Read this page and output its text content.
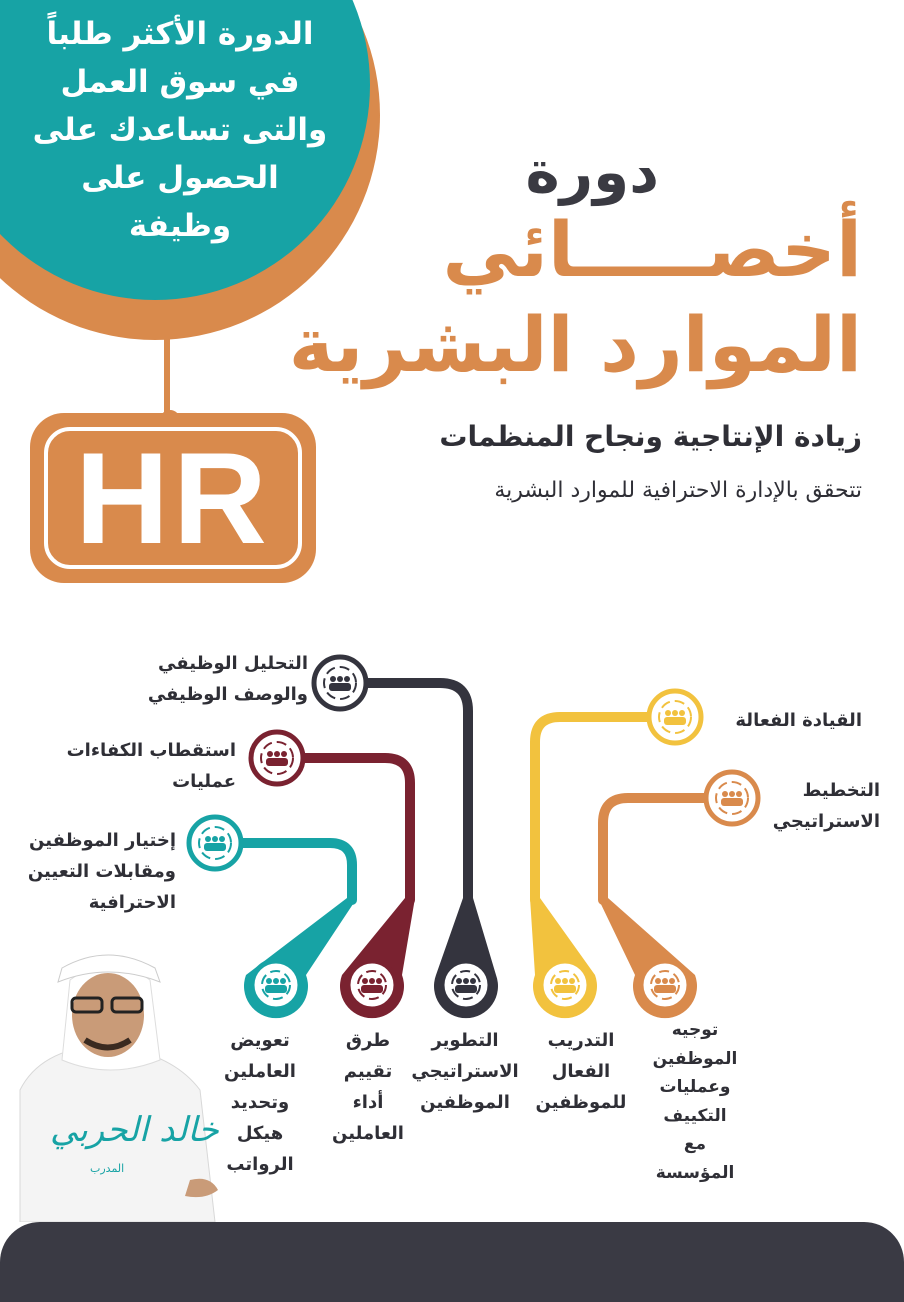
الدورة الأكثر طلباً
في سوق العمل
والتى تساعدك على
الحصول على
وظيفة
HR
دورة
أخصـــــائي
الموارد البشرية
زيادة الإنتاجية ونجاح المنظمات
تتحقق بالإدارة الاحترافية للموارد البشرية
التحليل الوظيفي
والوصف الوظيفي
استقطاب الكفاءات
عمليات
إختيار الموظفين
ومقابلات التعيين
الاحترافية
القيادة الفعالة
التخطيط
الاستراتيجي
تعويض
العاملين
وتحديد
هيكل
الرواتب
طرق
تقييم
أداء
العاملين
التطوير
الاستراتيجي
الموظفين
التدريب
الفعال
للموظفين
توجيه
الموظفين
وعمليات
التكييف
مع
المؤسسة
خالد الحربي
المدرب
